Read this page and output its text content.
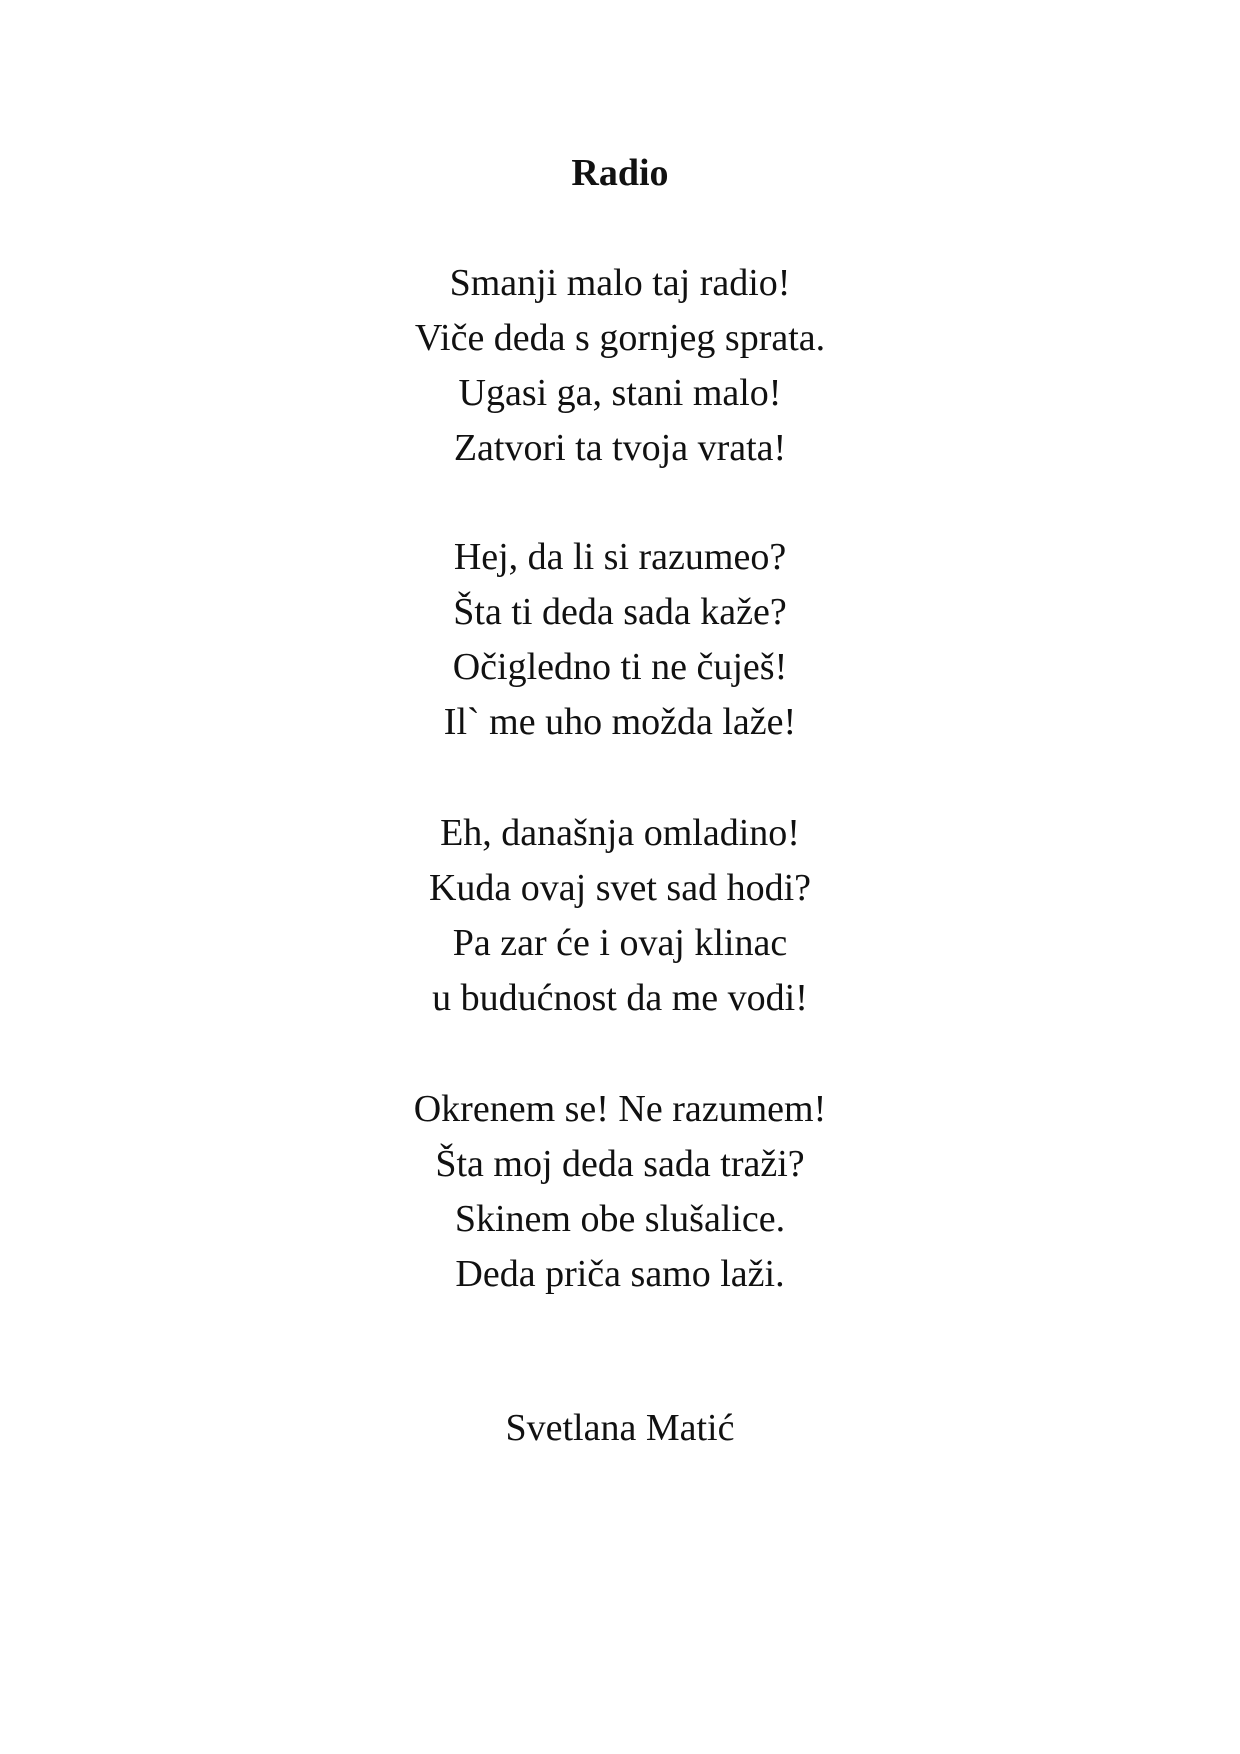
Radio
Smanji malo taj radio!
Viče deda s gornjeg sprata.
Ugasi ga, stani malo!
Zatvori ta tvoja vrata!
Hej, da li si razumeo?
Šta ti deda sada kaže?
Očigledno ti ne čuješ!
Il` me uho možda laže!
Eh, današnja omladino!
Kuda ovaj svet sad hodi?
Pa zar će i ovaj klinac
u budućnost da me vodi!
Okrenem se! Ne razumem!
Šta moj deda sada traži?
Skinem obe slušalice.
Deda priča samo laži.
Svetlana Matić
